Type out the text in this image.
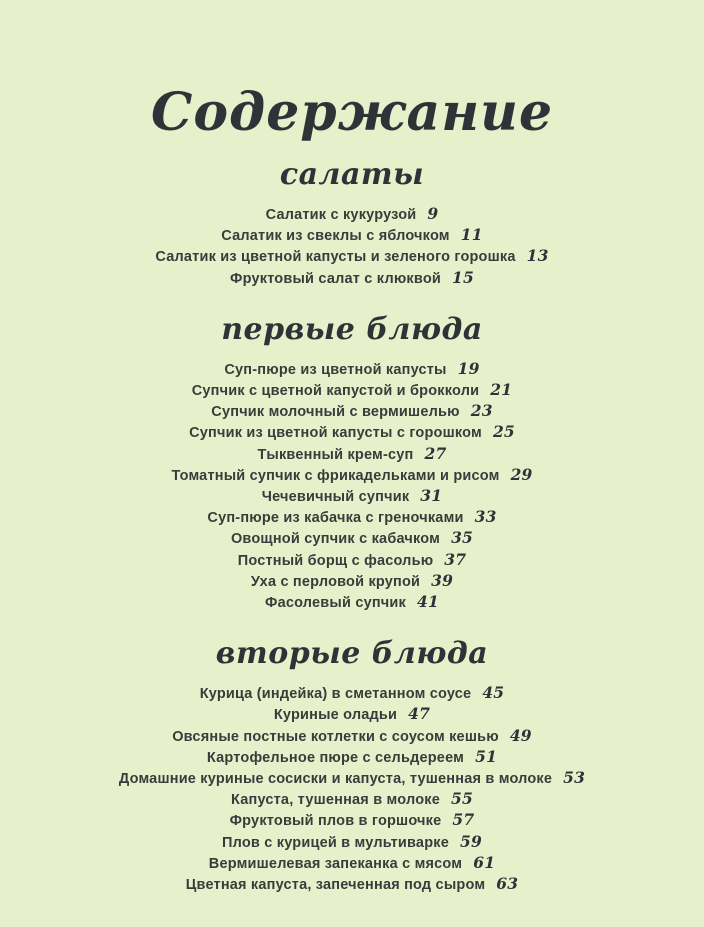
Содержание
салаты
Салатик с кукурузой 9
Салатик из свеклы с яблочком 11
Салатик из цветной капусты и зеленого горошка 13
Фруктовый салат с клюквой 15
первые блюда
Суп-пюре из цветной капусты 19
Супчик с цветной капустой и брокколи 21
Супчик молочный с вермишелью 23
Супчик из цветной капусты с горошком 25
Тыквенный крем-суп 27
Томатный супчик с фрикадельками и рисом 29
Чечевичный супчик 31
Суп-пюре из кабачка с греночками 33
Овощной супчик с кабачком 35
Постный борщ с фасолью 37
Уха с перловой крупой 39
Фасолевый супчик 41
вторые блюда
Курица (индейка) в сметанном соусе 45
Куриные оладьи 47
Овсяные постные котлетки с соусом кешью 49
Картофельное пюре с сельдереем 51
Домашние куриные сосиски и капуста, тушенная в молоке 53
Капуста, тушенная в молоке 55
Фруктовый плов в горшочке 57
Плов с курицей в мультиварке 59
Вермишелевая запеканка с мясом 61
Цветная капуста, запеченная под сыром 63
